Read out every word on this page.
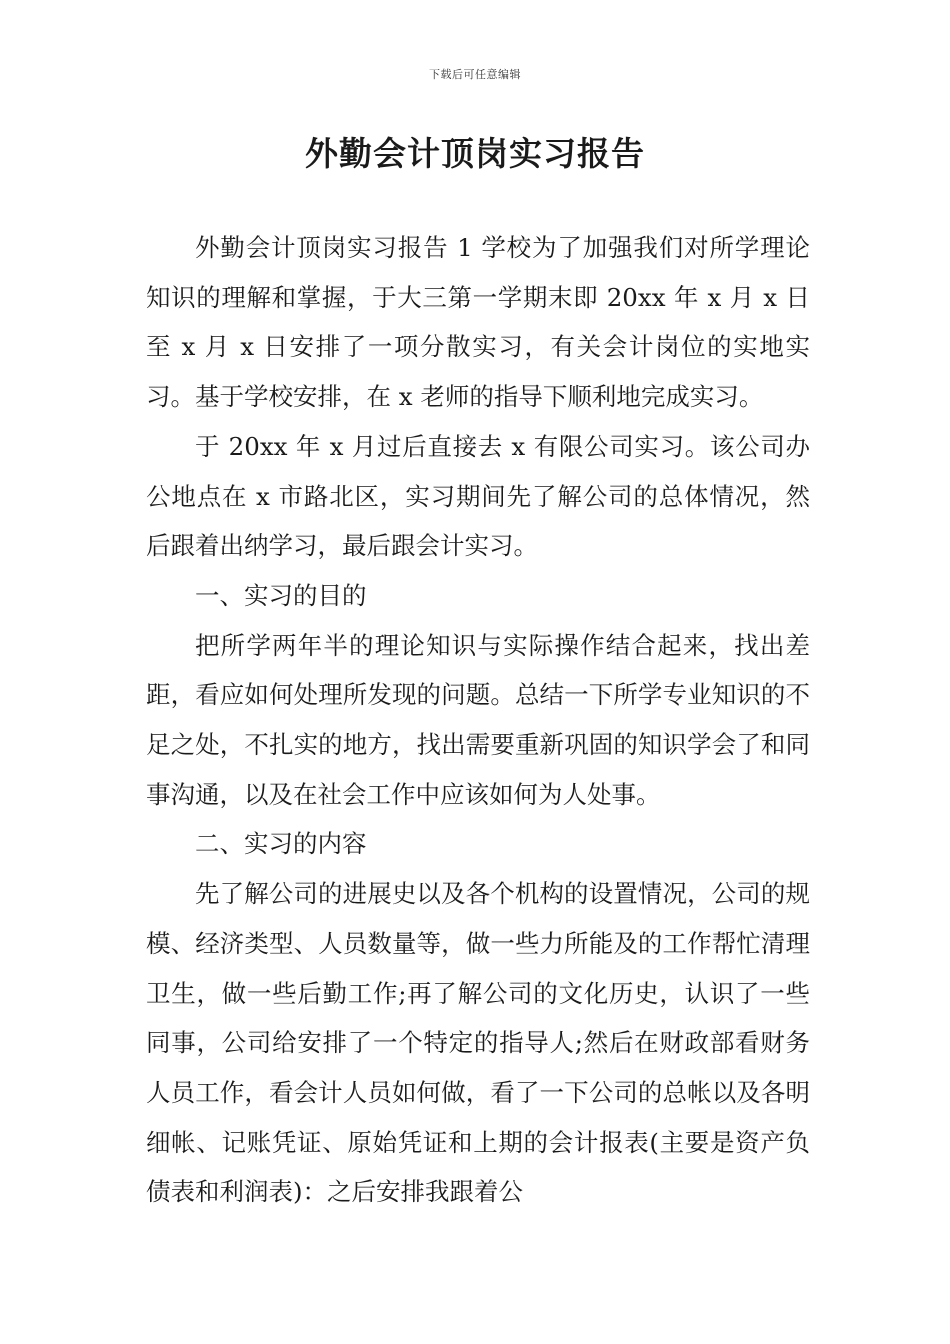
下载后可任意编辑
外勤会计顶岗实习报告

外勤会计顶岗实习报告 1 学校为了加强我们对所学理论知识的理解和掌握，于大三第一学期末即 20xx 年 x 月 x 日至 x 月 x 日安排了一项分散实习，有关会计岗位的实地实习。基于学校安排，在 x 老师的指导下顺利地完成实习。

于 20xx 年 x 月过后直接去 x 有限公司实习。该公司办公地点在 x 市路北区，实习期间先了解公司的总体情况，然后跟着出纳学习，最后跟会计实习。

一、实习的目的

把所学两年半的理论知识与实际操作结合起来，找出差距，看应如何处理所发现的问题。总结一下所学专业知识的不足之处，不扎实的地方，找出需要重新巩固的知识学会了和同事沟通，以及在社会工作中应该如何为人处事。

二、实习的内容

先了解公司的进展史以及各个机构的设置情况，公司的规模、经济类型、人员数量等，做一些力所能及的工作帮忙清理卫生，做一些后勤工作;再了解公司的文化历史，认识了一些同事，公司给安排了一个特定的指导人;然后在财政部看财务人员工作，看会计人员如何做，看了一下公司的总帐以及各明细帐、记账凭证、原始凭证和上期的会计报表(主要是资产负债表和利润表)：之后安排我跟着公
